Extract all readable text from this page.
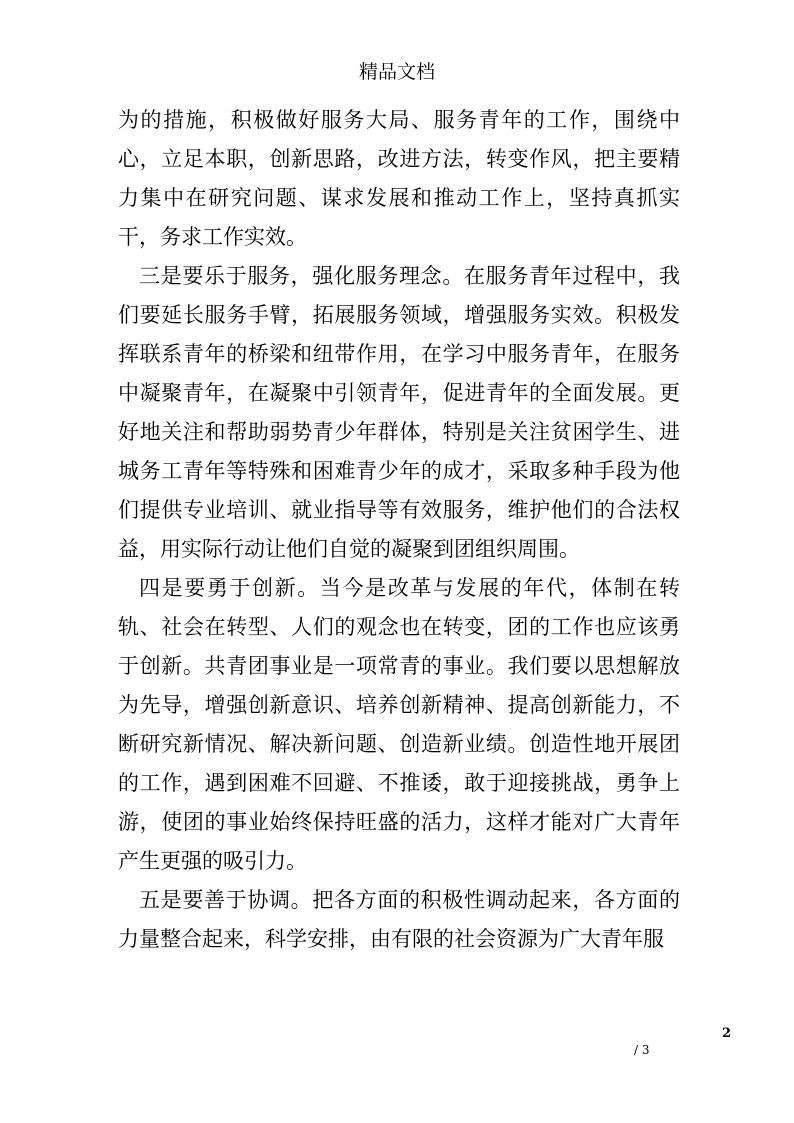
精品文档

为的措施，积极做好服务大局、服务青年的工作，围绕中心，立足本职，创新思路，改进方法，转变作风，把主要精力集中在研究问题、谋求发展和推动工作上，坚持真抓实干，务求工作实效。

三是要乐于服务，强化服务理念。在服务青年过程中，我们要延长服务手臂，拓展服务领域，增强服务实效。积极发挥联系青年的桥梁和纽带作用，在学习中服务青年，在服务中凝聚青年，在凝聚中引领青年，促进青年的全面发展。更好地关注和帮助弱势青少年群体，特别是关注贫困学生、进城务工青年等特殊和困难青少年的成才，采取多种手段为他们提供专业培训、就业指导等有效服务，维护他们的合法权益，用实际行动让他们自觉的凝聚到团组织周围。

四是要勇于创新。当今是改革与发展的年代，体制在转轨、社会在转型、人们的观念也在转变，团的工作也应该勇于创新。共青团事业是一项常青的事业。我们要以思想解放为先导，增强创新意识、培养创新精神、提高创新能力，不断研究新情况、解决新问题、创造新业绩。创造性地开展团的工作，遇到困难不回避、不推诿，敢于迎接挑战，勇争上游，使团的事业始终保持旺盛的活力，这样才能对广大青年产生更强的吸引力。

五是要善于协调。把各方面的积极性调动起来，各方面的力量整合起来，科学安排，由有限的社会资源为广大青年服

2
/ 3
